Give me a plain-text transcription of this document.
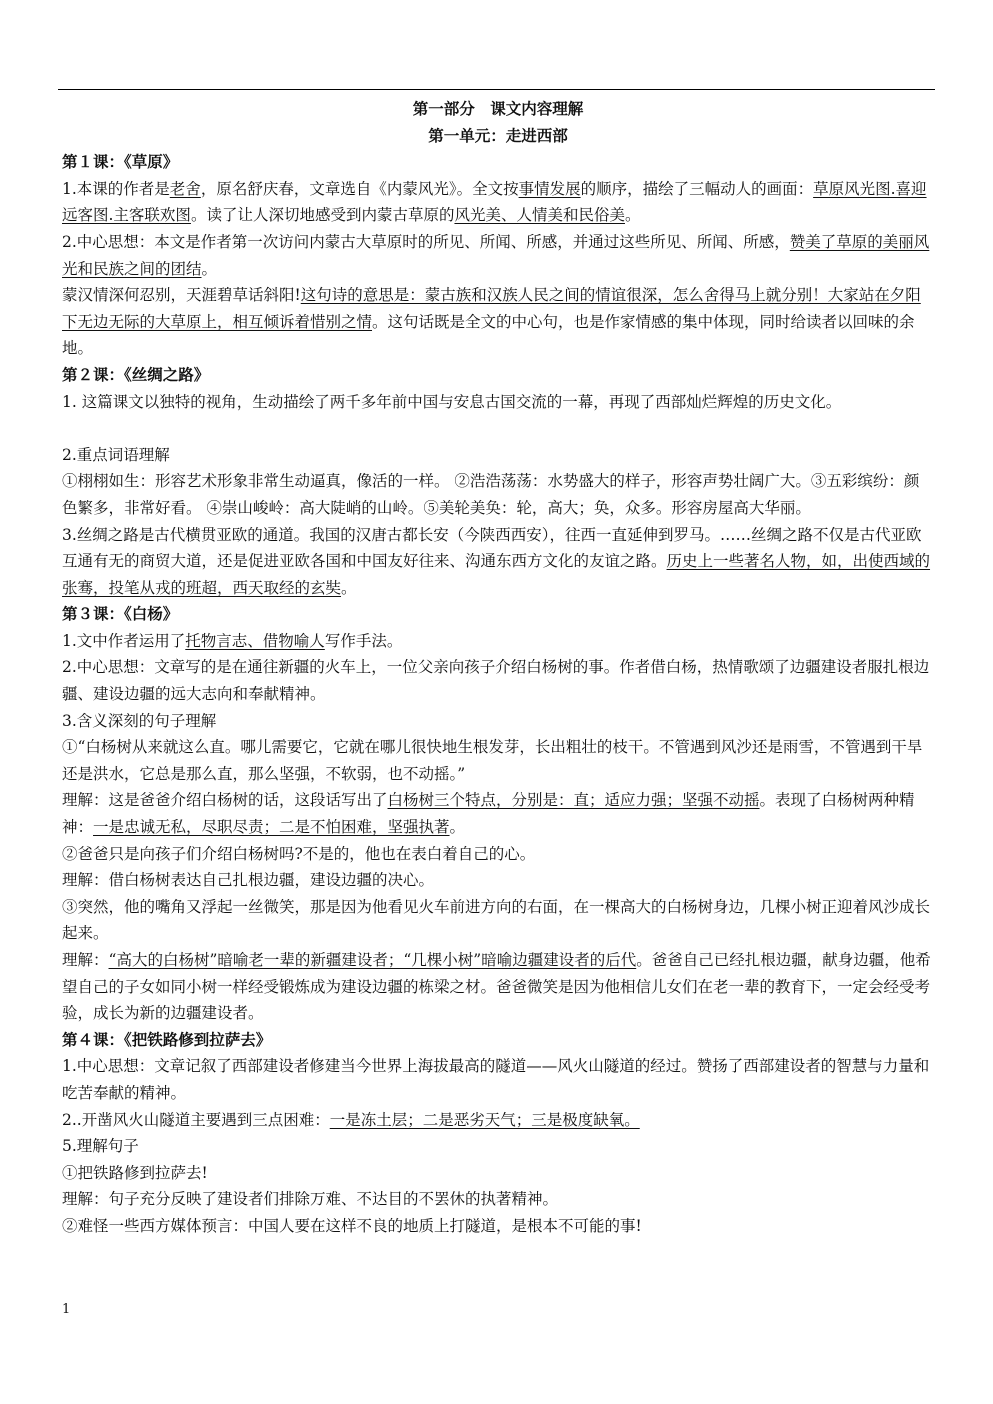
第一部分　课文内容理解

第一单元：走进西部

第１课：《草原》

1.本课的作者是老舍，原名舒庆春，文章选自《内蒙风光》。全文按事情发展的顺序，描绘了三幅动人的画面：草原风光图.喜迎远客图.主客联欢图。读了让人深切地感受到内蒙古草原的风光美、人情美和民俗美。

2.中心思想：本文是作者第一次访问内蒙古大草原时的所见、所闻、所感，并通过这些所见、所闻、所感，赞美了草原的美丽风光和民族之间的团结。

蒙汉情深何忍别，天涯碧草话斜阳!这句诗的意思是：蒙古族和汉族人民之间的情谊很深，怎么舍得马上就分别！大家站在夕阳下无边无际的大草原上，相互倾诉着惜别之情。这句话既是全文的中心句，也是作家情感的集中体现，同时给读者以回味的余地。

第２课：《丝绸之路》

1. 这篇课文以独特的视角，生动描绘了两千多年前中国与安息古国交流的一幕，再现了西部灿烂辉煌的历史文化。

2.重点词语理解

①栩栩如生：形容艺术形象非常生动逼真，像活的一样。 ②浩浩荡荡：水势盛大的样子，形容声势壮阔广大。③五彩缤纷：颜色繁多，非常好看。 ④崇山峻岭：高大陡峭的山岭。⑤美轮美奂：轮，高大；奂，众多。形容房屋高大华丽。

3.丝绸之路是古代横贯亚欧的通道。我国的汉唐古都长安（今陕西西安），往西一直延伸到罗马。……丝绸之路不仅是古代亚欧互通有无的商贸大道，还是促进亚欧各国和中国友好往来、沟通东西方文化的友谊之路。历史上一些著名人物，如，出使西域的张骞，投笔从戎的班超，西天取经的玄奘。

第３课：《白杨》

1.文中作者运用了托物言志、借物喻人写作手法。

2.中心思想：文章写的是在通往新疆的火车上，一位父亲向孩子介绍白杨树的事。作者借白杨，热情歌颂了边疆建设者服扎根边疆、建设边疆的远大志向和奉献精神。

3.含义深刻的句子理解

①“白杨树从来就这么直。哪儿需要它，它就在哪儿很快地生根发芽，长出粗壮的枝干。不管遇到风沙还是雨雪，不管遇到干旱还是洪水，它总是那么直，那么坚强，不软弱，也不动摇。”

理解：这是爸爸介绍白杨树的话，这段话写出了白杨树三个特点，分别是：直；适应力强；坚强不动摇。表现了白杨树两种精神：一是忠诚无私，尽职尽责；二是不怕困难，坚强执著。

②爸爸只是向孩子们介绍白杨树吗?不是的，他也在表白着自己的心。

理解：借白杨树表达自己扎根边疆，建设边疆的决心。

③突然，他的嘴角又浮起一丝微笑，那是因为他看见火车前进方向的右面，在一棵高大的白杨树身边，几棵小树正迎着风沙成长起来。

理解：“高大的白杨树”暗喻老一辈的新疆建设者；“几棵小树”暗喻边疆建设者的后代。爸爸自己已经扎根边疆，献身边疆，他希望自己的子女如同小树一样经受锻炼成为建设边疆的栋梁之材。爸爸微笑是因为他相信儿女们在老一辈的教育下，一定会经受考验，成长为新的边疆建设者。

第４课：《把铁路修到拉萨去》

1.中心思想：文章记叙了西部建设者修建当今世界上海拔最高的隧道——风火山隧道的经过。赞扬了西部建设者的智慧与力量和吃苦奉献的精神。

2..开凿风火山隧道主要遇到三点困难：一是冻土层；二是恶劣天气；三是极度缺氧。

5.理解句子

①把铁路修到拉萨去!

理解：句子充分反映了建设者们排除万难、不达目的不罢休的执著精神。

②难怪一些西方媒体预言：中国人要在这样不良的地质上打隧道，是根本不可能的事!

1
